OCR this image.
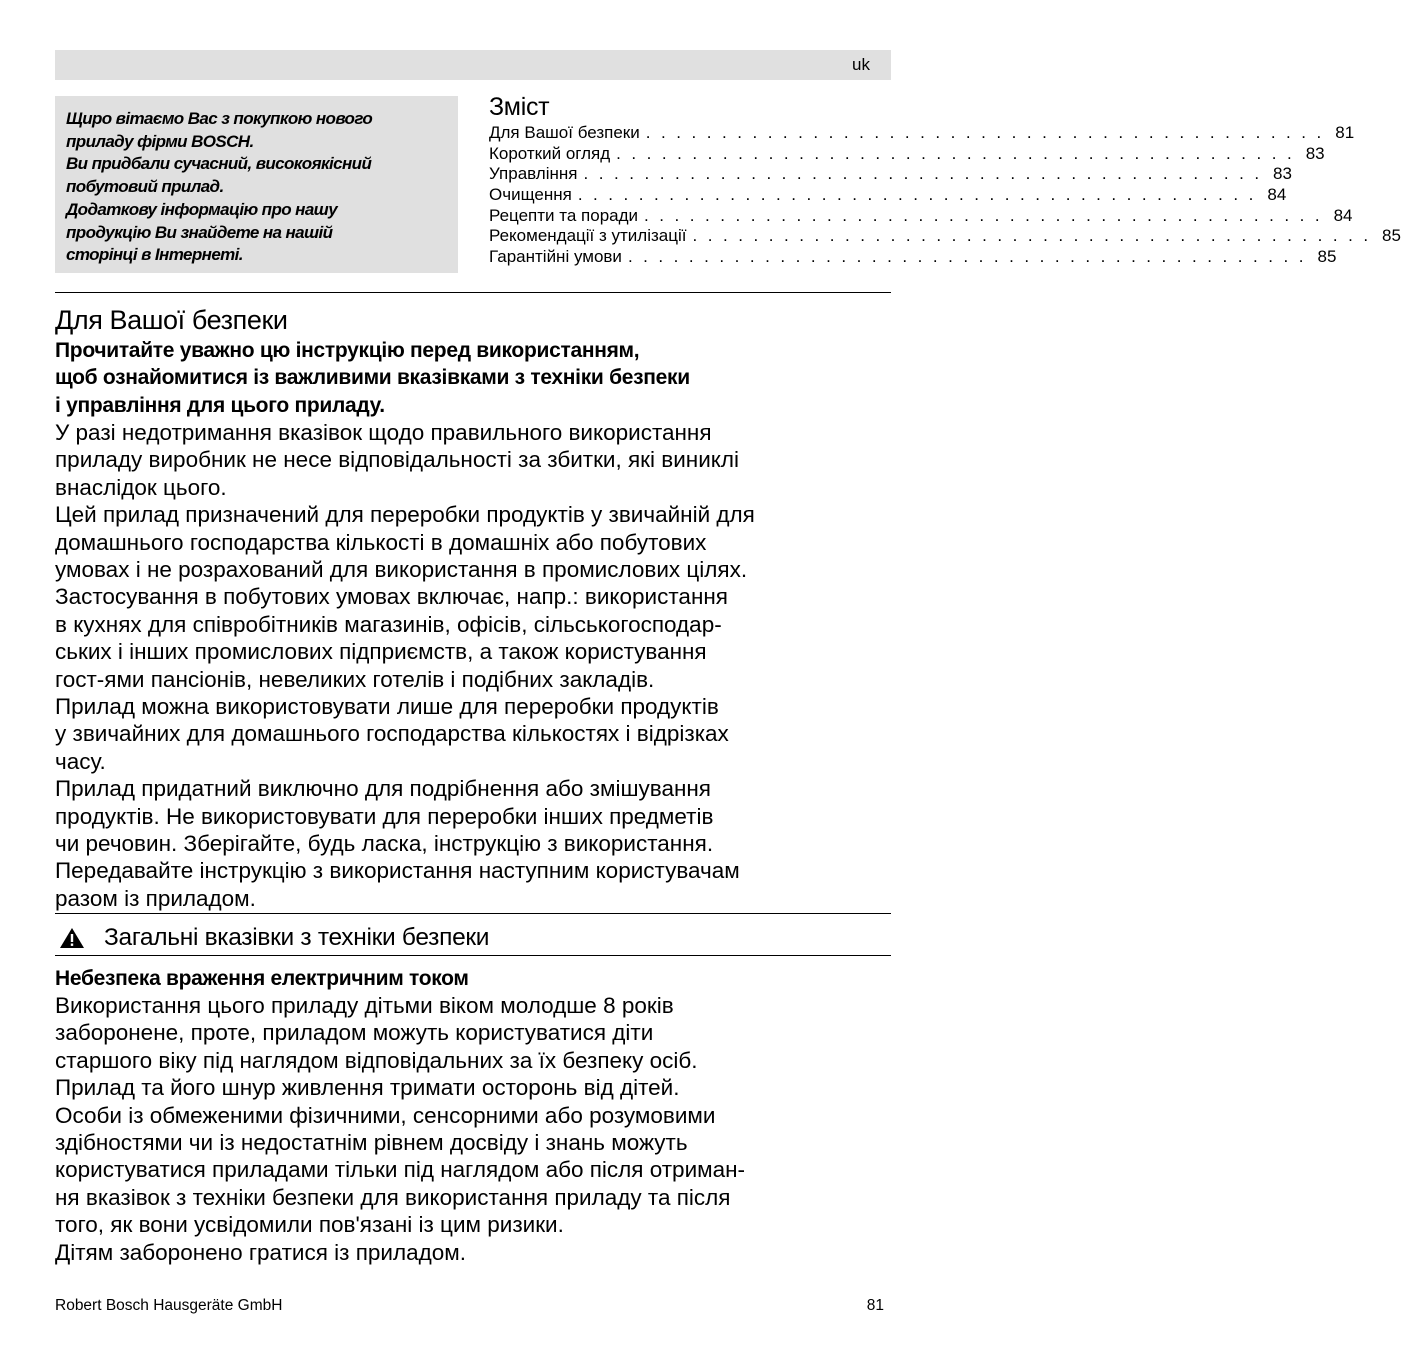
uk
Щиро вітаємо Вас з покупкою нового
приладу фірми BOSCH.
Ви придбали сучасний, високоякісний
побутовий прилад.
Додаткову інформацію про нашу
продукцію Ви знайдете на нашій
сторінці в Інтернеті.
Зміст
Для Вашої безпеки . . . . . . . . . . . . . . . . . . . . . . . . . . . . . . . . . . . . . . . . . . . . . 81
Короткий огляд . . . . . . . . . . . . . . . . . . . . . . . . . . . . . . . . . . . . . . . . . . . . . 83
Управління . . . . . . . . . . . . . . . . . . . . . . . . . . . . . . . . . . . . . . . . . . . . . 83
Очищення . . . . . . . . . . . . . . . . . . . . . . . . . . . . . . . . . . . . . . . . . . . . . 84
Рецепти та поради . . . . . . . . . . . . . . . . . . . . . . . . . . . . . . . . . . . . . . . . . . . . . 84
Рекомендації з утилізації . . . . . . . . . . . . . . . . . . . . . . . . . . . . . . . . . . . . . . . . . . . . . 85
Гарантійні умови . . . . . . . . . . . . . . . . . . . . . . . . . . . . . . . . . . . . . . . . . . . . . 85
Для Вашої безпеки

Прочитайте уважно цю інструкцію перед використанням,

щоб ознайомитися із важливими вказівками з техніки безпеки

і управління для цього приладу.

У разі недотримання вказівок щодо правильного використання
приладу виробник не несе відповідальності за збитки, які виниклі
внаслідок цього.
Цей прилад призначений для переробки продуктів у звичайній для
домашнього господарства кількості в домашніх або побутових
умовах і не розрахований для використання в промислових цілях.
Застосування в побутових умовах включає, напр.: використання
в кухнях для співробітників магазинів, офісів, сільськогосподар-
ських і інших промислових підприємств, а також користування
гост-ями пансіонів, невеликих готелів і подібних закладів.
Прилад можна використовувати лише для переробки продуктів
у звичайних для домашнього господарства кількостях і відрізках
часу.
Прилад придатний виключно для подрібнення або змішування
продуктів. Не використовувати для переробки інших предметів
чи речовин. Зберігайте, будь ласка, інструкцію з використання.
Передавайте інструкцію з використання наступним користувачам
разом із приладом.
Загальні вказівки з техніки безпеки

Небезпека враження електричним током

Використання цього приладу дітьми віком молодше 8 років
заборонене, проте, приладом можуть користуватися діти
старшого віку під наглядом відповідальних за їх безпеку осіб.
Прилад та його шнур живлення тримати осторонь від дітей.
Особи із обмеженими фізичними, сенсорними або розумовими
здібностями чи із недостатнім рівнем досвіду і знань можуть
користуватися приладами тільки під наглядом або після отриман-
ня вказівок з техніки безпеки для використання приладу та після
того, як вони усвідомили пов'язані із цим ризики.
Дітям заборонено гратися із приладом.
Robert Bosch Hausgeräte GmbH	81
